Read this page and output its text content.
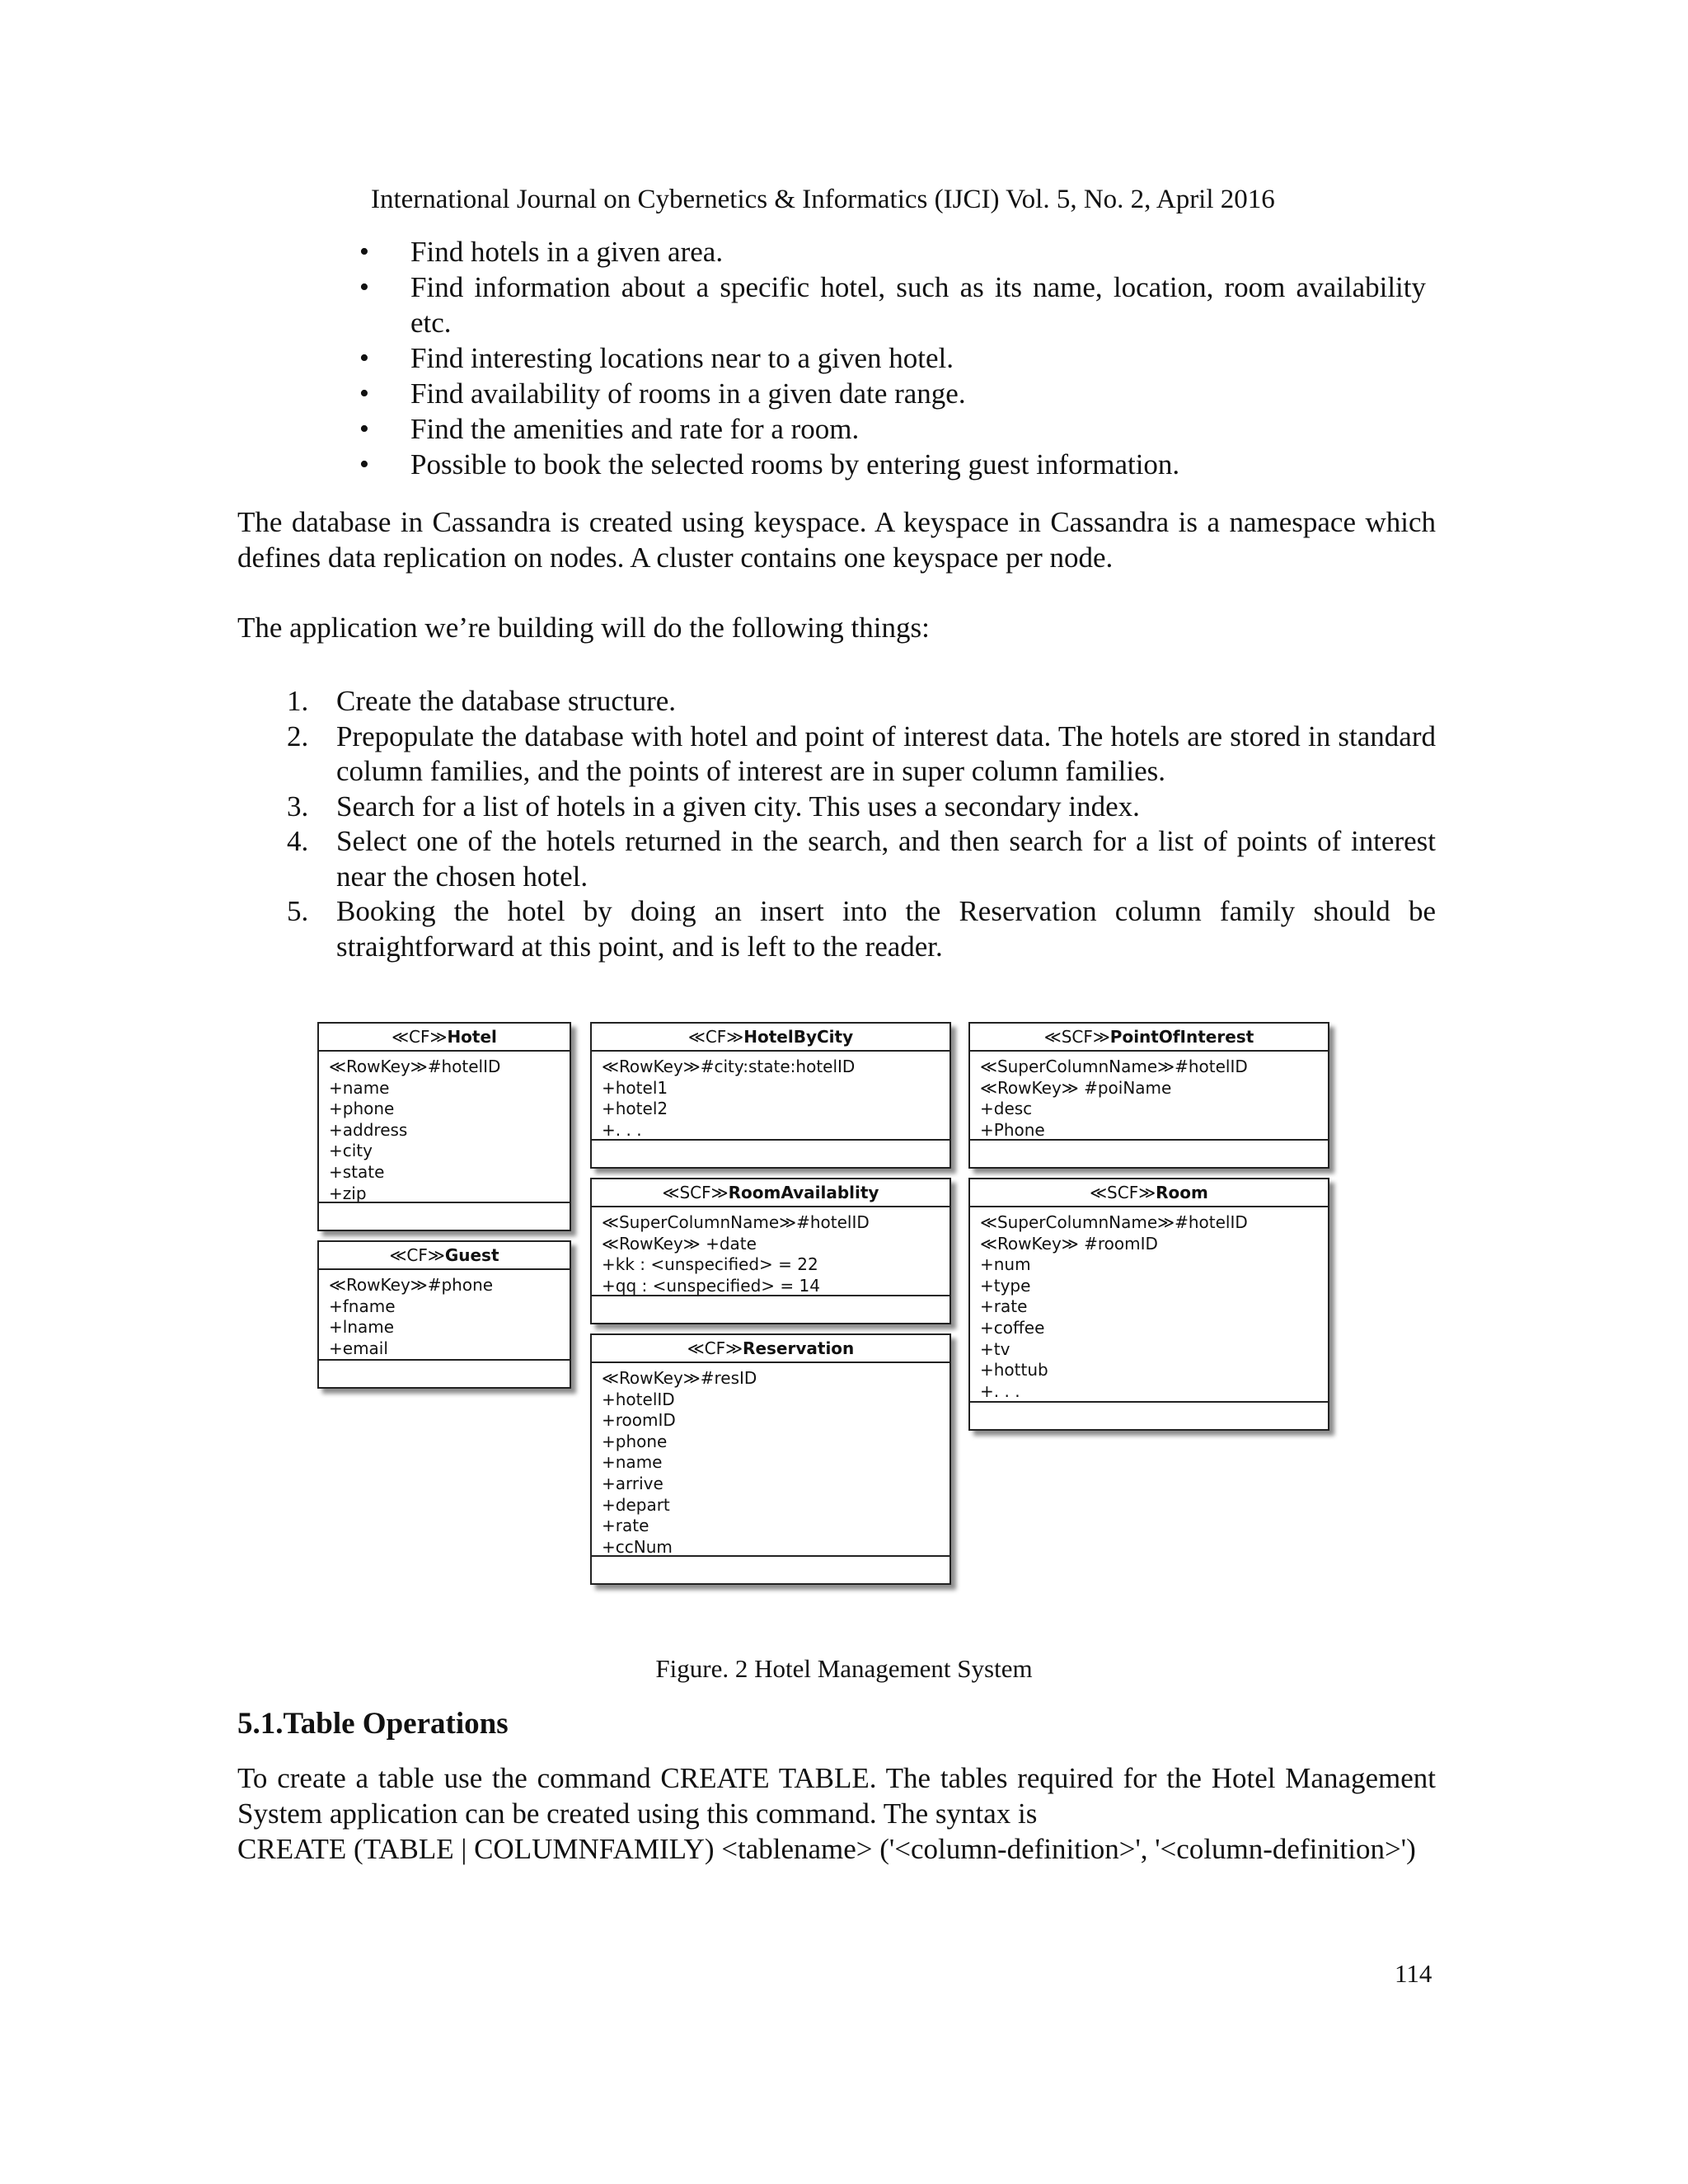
International Journal on Cybernetics & Informatics (IJCI) Vol. 5, No. 2, April 2016
• Find hotels in a given area.
• Find information about a specific hotel, such as its name, location, room availability etc.
• Find interesting locations near to a given hotel.
• Find availability of rooms in a given date range.
• Find the amenities and rate for a room.
• Possible to book the selected rooms by entering guest information.

The database in Cassandra is created using keyspace. A keyspace in Cassandra is a namespace which defines data replication on nodes. A cluster contains one keyspace per node.

The application we’re building will do the following things:

1. Create the database structure.
2. Prepopulate the database with hotel and point of interest data. The hotels are stored in standard column families, and the points of interest are in super column families.
3. Search for a list of hotels in a given city. This uses a secondary index.
4. Select one of the hotels returned in the search, and then search for a list of points of interest near the chosen hotel.
5. Booking the hotel by doing an insert into the Reservation column family should be straightforward at this point, and is left to the reader.
≪CF≫Hotel
≪RowKey≫#hotelID
+name
+phone
+address
+city
+state
+zip
≪CF≫Guest
≪RowKey≫#phone
+fname
+lname
+email
≪CF≫HotelByCity
≪RowKey≫#city:state:hotelID
+hotel1
+hotel2
+. . .
≪SCF≫RoomAvailablity
≪SuperColumnName≫#hotelID
≪RowKey≫ +date
+kk : <unspecified> = 22
+qq : <unspecified> = 14
≪CF≫Reservation
≪RowKey≫#resID
+hotelID
+roomID
+phone
+name
+arrive
+depart
+rate
+ccNum
≪SCF≫PointOfInterest
≪SuperColumnName≫#hotelID
≪RowKey≫ #poiName
+desc
+Phone
≪SCF≫Room
≪SuperColumnName≫#hotelID
≪RowKey≫ #roomID
+num
+type
+rate
+coffee
+tv
+hottub
+. . .
Figure. 2 Hotel Management System
5.1.Table Operations

To create a table use the command CREATE TABLE. The tables required for the Hotel Management System application can be created using this command. The syntax is

CREATE (TABLE | COLUMNFAMILY) <tablename> ('<column-definition>', '<column-definition>')

114
